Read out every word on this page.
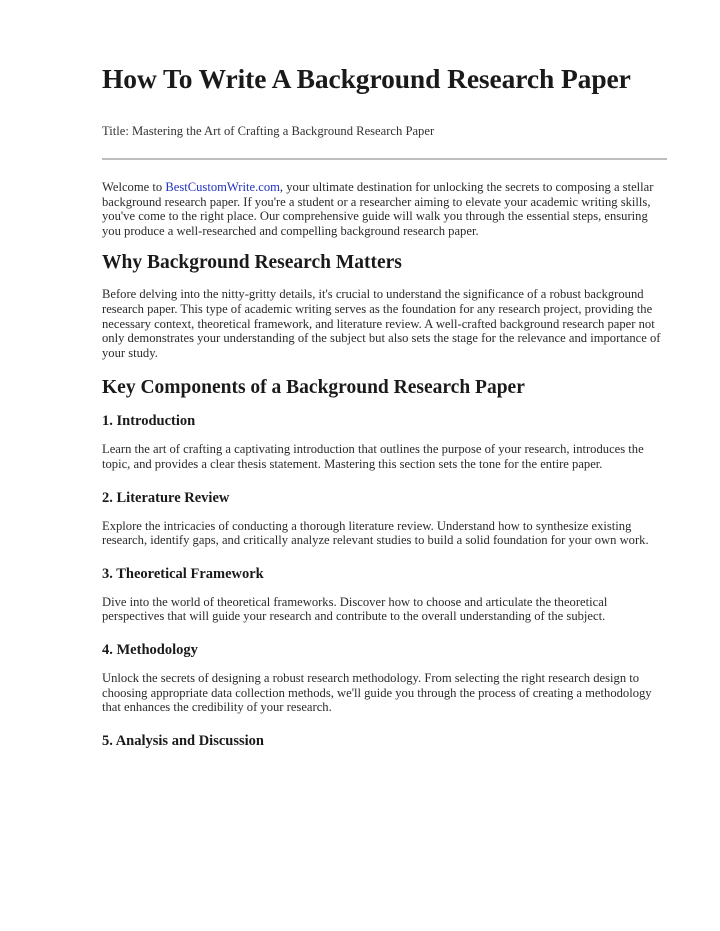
How To Write A Background Research Paper
Title: Mastering the Art of Crafting a Background Research Paper

Welcome to BestCustomWrite.com, your ultimate destination for unlocking the secrets to composing a stellar background research paper. If you're a student or a researcher aiming to elevate your academic writing skills, you've come to the right place. Our comprehensive guide will walk you through the essential steps, ensuring you produce a well-researched and compelling background research paper.

Why Background Research Matters

Before delving into the nitty-gritty details, it's crucial to understand the significance of a robust background research paper. This type of academic writing serves as the foundation for any research project, providing the necessary context, theoretical framework, and literature review. A well-crafted background research paper not only demonstrates your understanding of the subject but also sets the stage for the relevance and importance of your study.

Key Components of a Background Research Paper
1. Introduction

Learn the art of crafting a captivating introduction that outlines the purpose of your research, introduces the topic, and provides a clear thesis statement. Mastering this section sets the tone for the entire paper.

2. Literature Review

Explore the intricacies of conducting a thorough literature review. Understand how to synthesize existing research, identify gaps, and critically analyze relevant studies to build a solid foundation for your own work.

3. Theoretical Framework

Dive into the world of theoretical frameworks. Discover how to choose and articulate the theoretical perspectives that will guide your research and contribute to the overall understanding of the subject.

4. Methodology

Unlock the secrets of designing a robust research methodology. From selecting the right research design to choosing appropriate data collection methods, we'll guide you through the process of creating a methodology that enhances the credibility of your research.

5. Analysis and Discussion
